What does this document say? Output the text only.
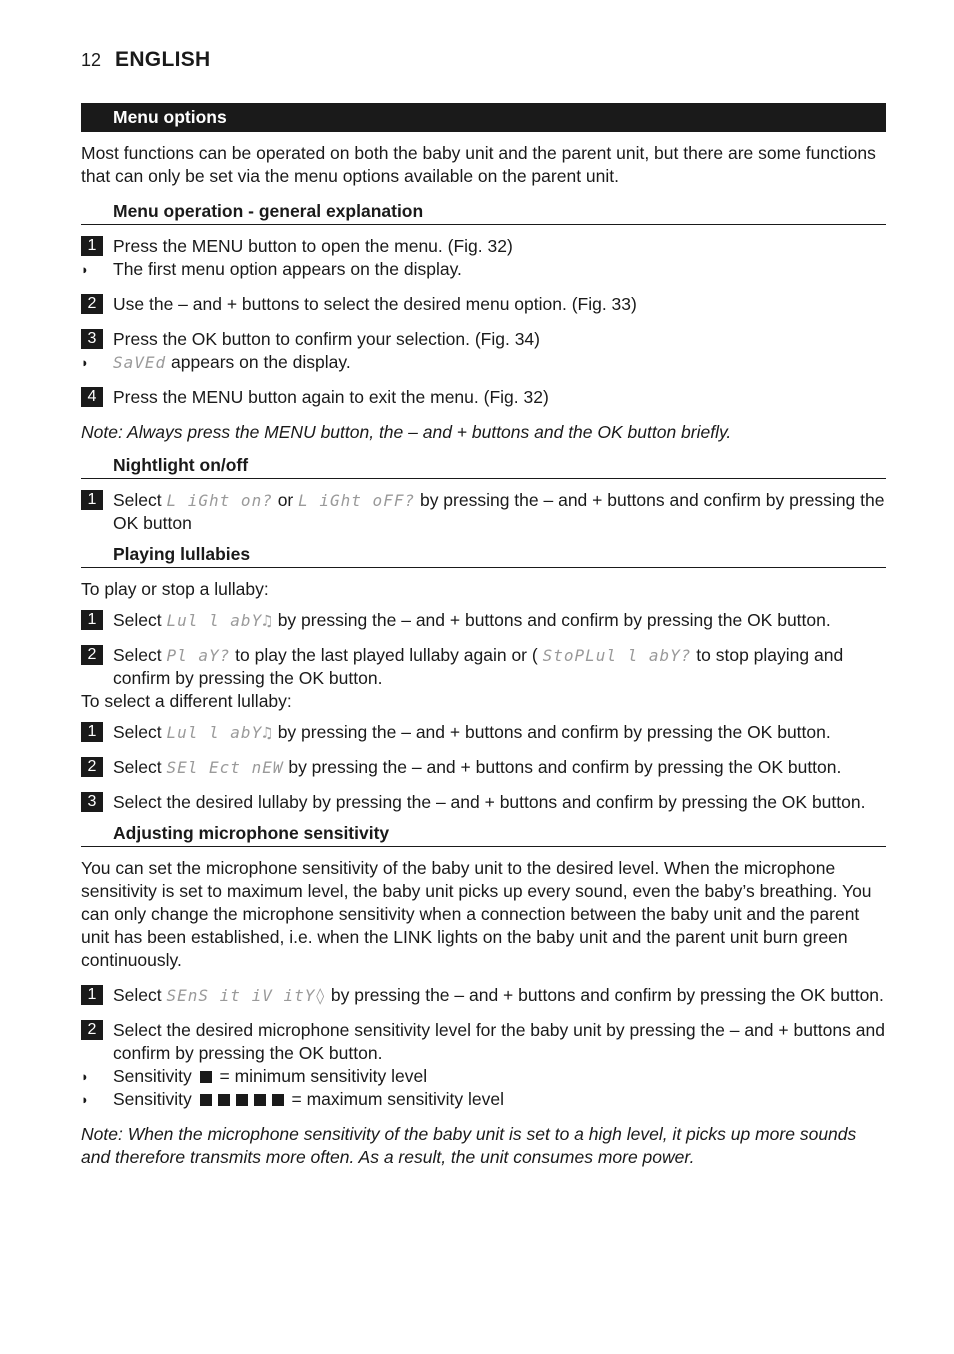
12 ENGLISH
Menu options

Most functions can be operated on both the baby unit and the parent unit, but there are some functions that can only be set via the menu options available on the parent unit.

Menu operation - general explanation
1 Press the MENU button to open the menu. (Fig. 32)
◗	The first menu option appears on the display.
2 Use the – and + buttons to select the desired menu option. (Fig. 33)
3 Press the OK button to confirm your selection. (Fig. 34)
◗	SaVEd appears on the display.
4 Press the MENU button again to exit the menu. (Fig. 32)

Note: Always press the MENU button, the – and + buttons and the OK button briefly.

Nightlight on/off
1 Select L iGht on? or L iGht oFF? by pressing the – and + buttons and confirm by pressing the OK button
Playing lullabies

To play or stop a lullaby:

1 Select Lul l abY♫ by pressing the – and + buttons and confirm by pressing the OK button.
2 Select Pl aY? to play the last played lullaby again or ( StoPLul l abY? to stop playing and confirm by pressing the OK button.

To select a different lullaby:

1 Select Lul l abY♫ by pressing the – and + buttons and confirm by pressing the OK button.
2 Select SEl Ect nEW by pressing the – and + buttons and confirm by pressing the OK button.
3 Select the desired lullaby by pressing the – and + buttons and confirm by pressing the OK button.
Adjusting microphone sensitivity

You can set the microphone sensitivity of the baby unit to the desired level. When the microphone sensitivity is set to maximum level, the baby unit picks up every sound, even the baby’s breathing. You can only change the microphone sensitivity when a connection between the baby unit and the parent unit has been established, i.e. when the LINK lights on the baby unit and the parent unit burn green continuously.

1 Select SEnS it iV itY◊ by pressing the – and + buttons and confirm by pressing the OK button.
2 Select the desired microphone sensitivity level for the baby unit by pressing the – and + buttons and confirm by pressing the OK button.
◗	Sensitivity  = minimum sensitivity level
◗	Sensitivity	= maximum sensitivity level

Note: When the microphone sensitivity of the baby unit is set to a high level, it picks up more sounds and therefore transmits more often. As a result, the unit consumes more power.
